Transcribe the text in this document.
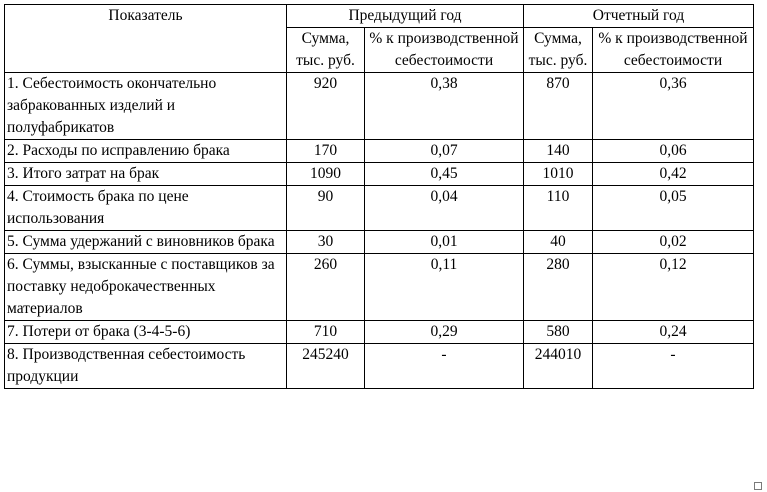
Показатель	Предыдущий год		Отчетный год	
	Сумма, тыс. руб.	% к производственной себестоимости	Сумма, тыс. руб.	% к производственной себестоимости
1. Себестоимость окончательно забракованных изделий и полуфабрикатов	920	0,38	870	0,36
2. Расходы по исправлению брака	170	0,07	140	0,06
3. Итого затрат на брак	1090	0,45	1010	0,42
4. Стоимость брака по цене использования	90	0,04	110	0,05
5. Сумма удержаний с виновников брака	30	0,01	40	0,02
6. Суммы, взысканные с поставщиков за поставку недоброкачественных материалов	260	0,11	280	0,12
7. Потери от брака (3-4-5-6)	710	0,29	580	0,24
8. Производственная себестоимость продукции	245240	-	244010	-
